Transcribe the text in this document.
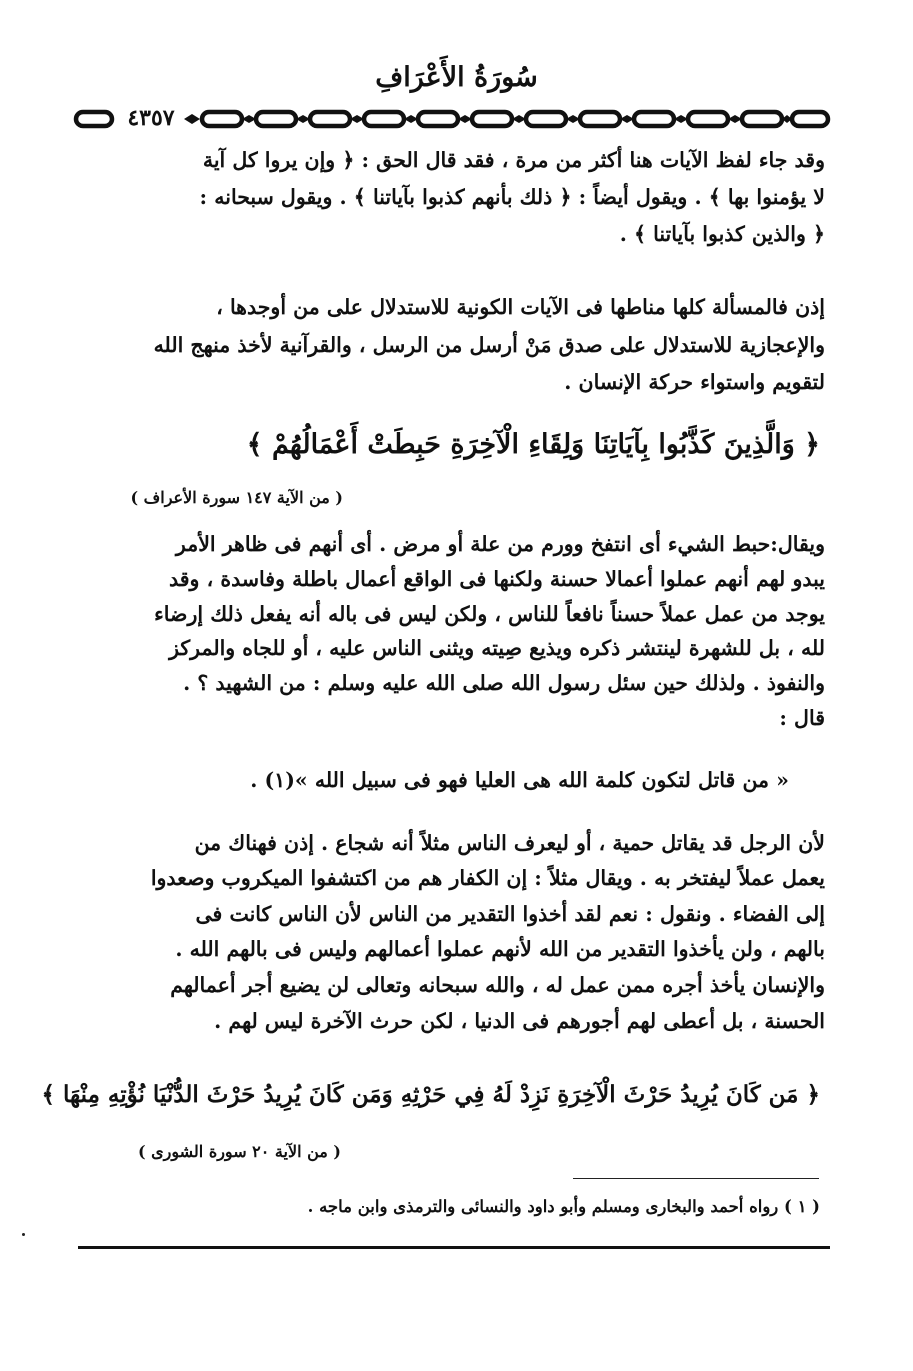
سُورَةُ الأَعْرَافِ
٤٣٥٧
وقد جاء لفظ الآيات هنا أكثر من مرة ، فقد قال الحق : ﴿ وإن يروا كل آية
لا يؤمنوا بها ﴾ . ويقول أيضاً : ﴿ ذلك بأنهم كذبوا بآياتنا ﴾ . ويقول سبحانه :
﴿ والذين كذبوا بآياتنا ﴾ .
إذن فالمسألة كلها مناطها فى الآيات الكونية للاستدلال على من أوجدها ،
والإعجازية للاستدلال على صدق مَنْ أرسل من الرسل ، والقرآنية لأخذ منهج الله
لتقويم واستواء حركة الإنسان .
﴿ وَالَّذِينَ كَذَّبُوا بِآيَاتِنَا وَلِقَاءِ الْآخِرَةِ حَبِطَتْ أَعْمَالُهُمْ ﴾
( من الآية ١٤٧ سورة الأعراف )
ويقال:حبط الشيء أى انتفخ وورم من علة أو مرض . أى أنهم فى ظاهر الأمر
يبدو لهم أنهم عملوا أعمالا حسنة ولكنها فى الواقع أعمال باطلة وفاسدة ، وقد
يوجد من عمل عملاً حسناً نافعاً للناس ، ولكن ليس فى باله أنه يفعل ذلك إرضاء
لله ، بل للشهرة لينتشر ذكره ويذيع صِيته ويثنى الناس عليه ، أو للجاه والمركز
والنفوذ . ولذلك حين سئل رسول الله صلى الله عليه وسلم : من الشهيد ؟ .
قال :
« من قاتل لتكون كلمة الله هى العليا فهو فى سبيل الله »(١) .
لأن الرجل قد يقاتل حمية ، أو ليعرف الناس مثلاً أنه شجاع . إذن فهناك من
يعمل عملاً ليفتخر به . ويقال مثلاً : إن الكفار هم من اكتشفوا الميكروب وصعدوا
إلى الفضاء . ونقول : نعم لقد أخذوا التقدير من الناس لأن الناس كانت فى
بالهم ، ولن يأخذوا التقدير من الله لأنهم عملوا أعمالهم وليس فى بالهم الله .
والإنسان يأخذ أجره ممن عمل له ، والله سبحانه وتعالى لن يضيع أجر أعمالهم
الحسنة ، بل أعطى لهم أجورهم فى الدنيا ، لكن حرث الآخرة ليس لهم .
﴿ مَن كَانَ يُرِيدُ حَرْثَ الْآخِرَةِ نَزِدْ لَهُ فِي حَرْثِهِ وَمَن كَانَ يُرِيدُ حَرْثَ الدُّنْيَا نُؤْتِهِ مِنْهَا ﴾
( من الآية ٢٠ سورة الشورى )
( ١ ) رواه أحمد والبخارى ومسلم وأبو داود والنسائى والترمذى وابن ماجه .
